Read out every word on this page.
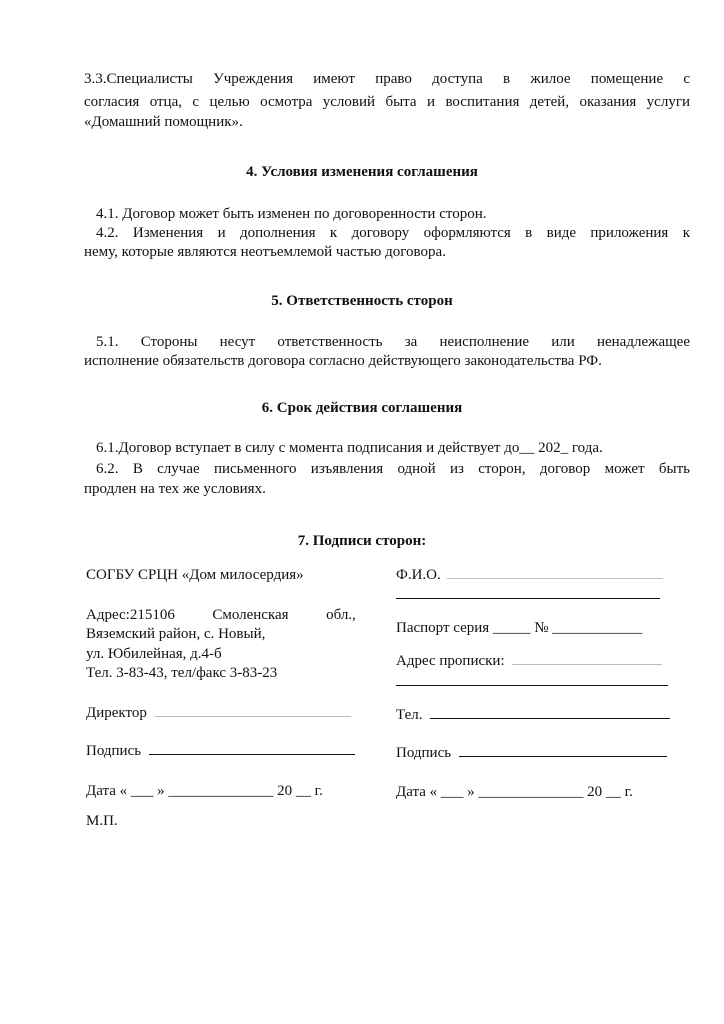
3.3.Специалисты Учреждения имеют право доступа в жилое помещение с
согласия отца, с целью осмотра условий быта и воспитания детей, оказания услуги
«Домашний помощник».
4. Условия изменения соглашения
4.1. Договор может быть изменен по договоренности сторон.
4.2. Изменения и дополнения к договору оформляются в виде приложения к
нему, которые являются неотъемлемой частью договора.
5. Ответственность сторон
5.1. Стороны несут ответственность за неисполнение или ненадлежащее
исполнение обязательств договора согласно действующего законодательства РФ.
6. Срок действия соглашения
6.1.Договор вступает в силу с момента подписания и действует до__ 202_ года.
6.2. В случае письменного изъявления одной из сторон, договор может быть
продлен на тех же условиях.
7. Подписи сторон:
СОГБУ СРЦН «Дом милосердия»
Адрес:215106          Смоленская          обл.,
Вяземский район, с. Новый,
ул. Юбилейная, д.4-б
Тел. 3-83-43, тел/факс 3-83-23
Директор
Подпись
Дата « ___ » ______________ 20 __ г.
М.П.
Ф.И.О.
Паспорт серия _____ № ____________
Адрес прописки:
Тел.
Подпись
Дата « ___ » ______________ 20 __ г.
